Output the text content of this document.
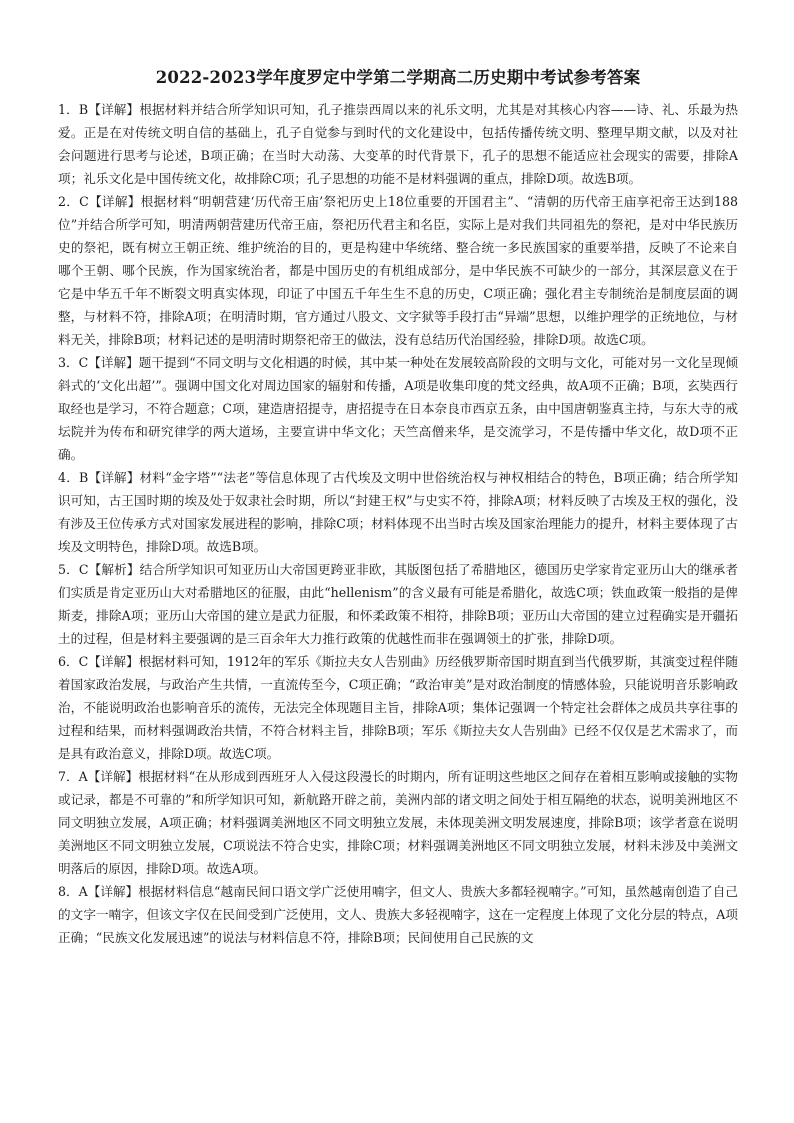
2022-2023学年度罗定中学第二学期高二历史期中考试参考答案

1．B【详解】根据材料并结合所学知识可知，孔子推崇西周以来的礼乐文明，尤其是对其核心内容——诗、礼、乐最为热爱。正是在对传统文明自信的基础上，孔子自觉参与到时代的文化建设中，包括传播传统文明、整理早期文献，以及对社会问题进行思考与论述，B项正确；在当时大动荡、大变革的时代背景下，孔子的思想不能适应社会现实的需要，排除A项；礼乐文化是中国传统文化，故排除C项；孔子思想的功能不是材料强调的重点，排除D项。故选B项。

2．C【详解】根据材料“明朝营建‘历代帝王庙’祭祀历史上18位重要的开国君主”、“清朝的历代帝王庙享祀帝王达到188位”并结合所学可知，明清两朝营建历代帝王庙，祭祀历代君主和名臣，实际上是对我们共同祖先的祭祀，是对中华民族历史的祭祀，既有树立王朝正统、维护统治的目的，更是构建中华统绪、整合统一多民族国家的重要举措，反映了不论来自哪个王朝、哪个民族，作为国家统治者，都是中国历史的有机组成部分，是中华民族不可缺少的一部分，其深层意义在于它是中华五千年不断裂文明真实体现，印证了中国五千年生生不息的历史，C项正确；强化君主专制统治是制度层面的调整，与材料不符，排除A项；在明清时期，官方通过八股文、文字狱等手段打击“异端”思想，以维护理学的正统地位，与材料无关，排除B项；材料记述的是明清时期祭祀帝王的做法，没有总结历代治国经验，排除D项。故选C项。

3．C【详解】题干提到“不同文明与文化相遇的时候，其中某一种处在发展较高阶段的文明与文化，可能对另一文化呈现倾斜式的‘文化出超’”。强调中国文化对周边国家的辐射和传播，A项是收集印度的梵文经典，故A项不正确；B项，玄奘西行取经也是学习，不符合题意；C项，建造唐招提寺，唐招提寺在日本奈良市西京五条，由中国唐朝鉴真主持，与东大寺的戒坛院并为传布和研究律学的两大道场，主要宣讲中华文化；天竺高僧来华，是交流学习，不是传播中华文化，故D项不正确。

4．B【详解】材料“金字塔”“法老”等信息体现了古代埃及文明中世俗统治权与神权相结合的特色，B项正确；结合所学知识可知，古王国时期的埃及处于奴隶社会时期，所以“封建王权”与史实不符，排除A项；材料反映了古埃及王权的强化，没有涉及王位传承方式对国家发展进程的影响，排除C项；材料体现不出当时古埃及国家治理能力的提升，材料主要体现了古埃及文明特色，排除D项。故选B项。

5．C【解析】结合所学知识可知亚历山大帝国更跨亚非欧，其版图包括了希腊地区，德国历史学家肯定亚历山大的继承者们实质是肯定亚历山大对希腊地区的征服，由此“hellenism”的含义最有可能是希腊化，故选C项；铁血政策一般指的是俾斯麦，排除A项；亚历山大帝国的建立是武力征服，和怀柔政策不相符，排除B项；亚历山大帝国的建立过程确实是开疆拓土的过程，但是材料主要强调的是三百余年大力推行政策的优越性而非在强调领土的扩张，排除D项。

6．C【详解】根据材料可知，1912年的军乐《斯拉夫女人告别曲》历经俄罗斯帝国时期直到当代俄罗斯，其演变过程伴随着国家政治发展，与政治产生共情，一直流传至今，C项正确；“政治审美”是对政治制度的情感体验，只能说明音乐影响政治，不能说明政治也影响音乐的流传，无法完全体现题目主旨，排除A项；集体记强调一个特定社会群体之成员共享往事的过程和结果，而材料强调政治共情，不符合材料主旨，排除B项；军乐《斯拉夫女人告别曲》已经不仅仅是艺术需求了，而是具有政治意义，排除D项。故选C项。

7．A【详解】根据材料“在从形成到西班牙人入侵这段漫长的时期内，所有证明这些地区之间存在着相互影响或接触的实物或记录，都是不可靠的”和所学知识可知，新航路开辟之前，美洲内部的诸文明之间处于相互隔绝的状态，说明美洲地区不同文明独立发展，A项正确；材料强调美洲地区不同文明独立发展，未体现美洲文明发展速度，排除B项；该学者意在说明美洲地区不同文明独立发展，C项说法不符合史实，排除C项；材料强调美洲地区不同文明独立发展，材料未涉及中美洲文明落后的原因，排除D项。故选A项。

8．A【详解】根据材料信息“越南民间口语文学广泛使用喃字，但文人、贵族大多都轻视喃字。”可知，虽然越南创造了自己的文字一喃字，但该文字仅在民间受到广泛使用，文人、贵族大多轻视喃字，这在一定程度上体现了文化分层的特点，A项正确；“民族文化发展迅速”的说法与材料信息不符，排除B项；民间使用自己民族的文
